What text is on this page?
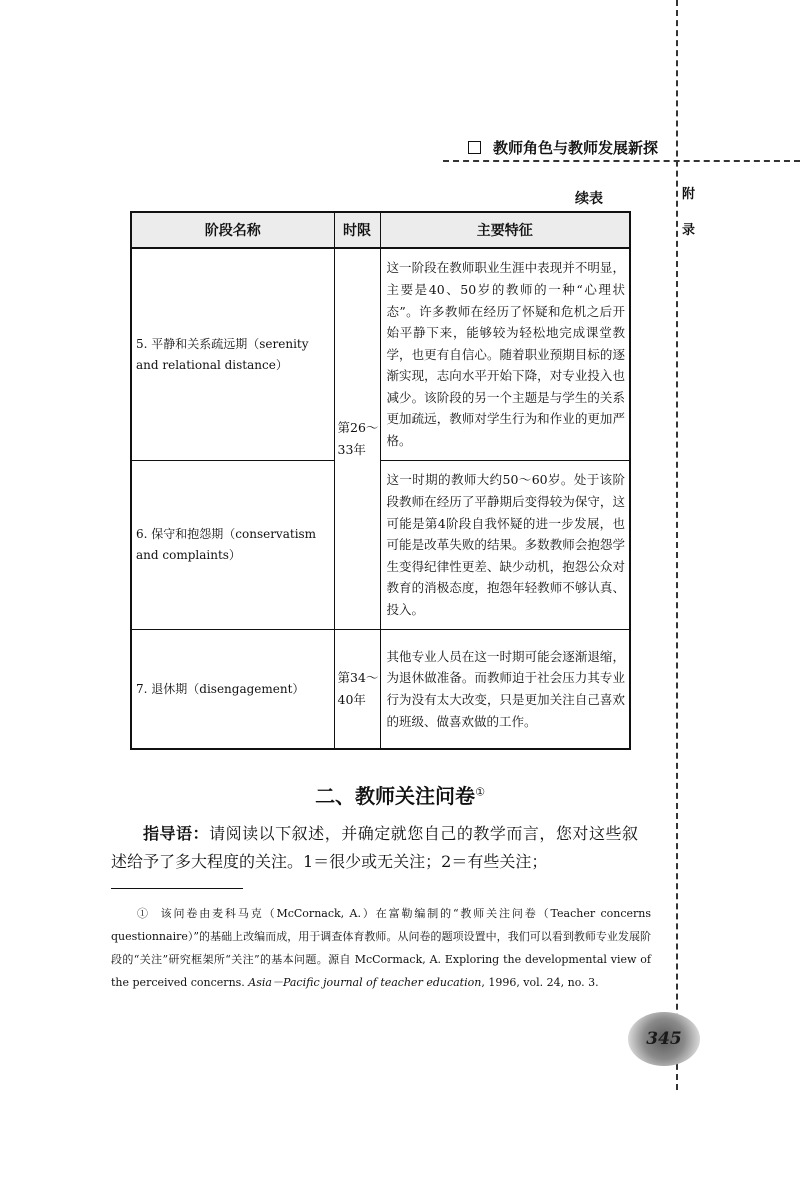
教师角色与教师发展新探
附
录
续表
阶段名称	时限	主要特征
5. 平静和关系疏远期（serenity and relational distance）	第26～33年	这一阶段在教师职业生涯中表现并不明显，主要是40、50岁的教师的一种“心理状态”。许多教师在经历了怀疑和危机之后开始平静下来，能够较为轻松地完成课堂教学，也更有自信心。随着职业预期目标的逐渐实现，志向水平开始下降，对专业投入也减少。该阶段的另一个主题是与学生的关系更加疏远，教师对学生行为和作业的更加严格。
6. 保守和抱怨期（conservatism and complaints）		这一时期的教师大约50～60岁。处于该阶段教师在经历了平静期后变得较为保守，这可能是第4阶段自我怀疑的进一步发展，也可能是改革失败的结果。多数教师会抱怨学生变得纪律性更差、缺少动机，抱怨公众对教育的消极态度，抱怨年轻教师不够认真、投入。
7. 退休期（disengagement）	第34～40年	其他专业人员在这一时期可能会逐渐退缩，为退休做准备。而教师迫于社会压力其专业行为没有太大改变，只是更加关注自己喜欢的班级、做喜欢做的工作。
二、教师关注问卷①
指导语：请阅读以下叙述，并确定就您自己的教学而言，您对这些叙述给予了多大程度的关注。1＝很少或无关注；2＝有些关注；
① 该问卷由麦科马克（McCornack, A.）在富勒编制的“教师关注问卷（Teacher concerns questionnaire）”的基础上改编而成，用于调查体育教师。从问卷的题项设置中，我们可以看到教师专业发展阶段的“关注”研究框架所“关注”的基本问题。源自 McCormack, A. Exploring the developmental view of the perceived concerns. Asia－Pacific journal of teacher education, 1996, vol. 24, no. 3.
345
